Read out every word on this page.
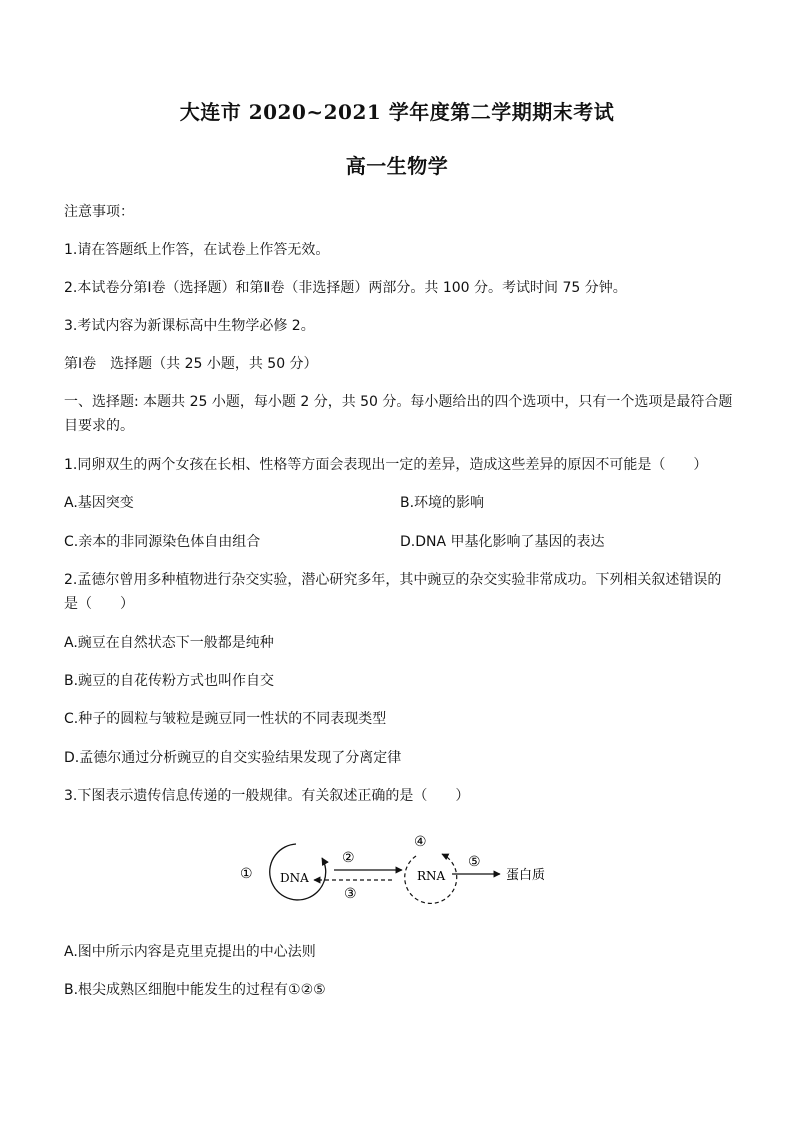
大连市 2020~2021 学年度第二学期期末考试
高一生物学
注意事项：
1.请在答题纸上作答，在试卷上作答无效。
2.本试卷分第Ⅰ卷（选择题）和第Ⅱ卷（非选择题）两部分。共 100 分。考试时间 75 分钟。
3.考试内容为新课标高中生物学必修 2。
第Ⅰ卷　选择题（共 25 小题，共 50 分）
一、选择题: 本题共 25 小题，每小题 2 分，共 50 分。每小题给出的四个选项中，只有一个选项是最符合题目要求的。
1.同卵双生的两个女孩在长相、性格等方面会表现出一定的差异，造成这些差异的原因不可能是（　　）
A.基因突变	B.环境的影响
C.亲本的非同源染色体自由组合	D.DNA 甲基化影响了基因的表达
2.孟德尔曾用多种植物进行杂交实验，潜心研究多年，其中豌豆的杂交实验非常成功。下列相关叙述错误的是（　　）
A.豌豆在自然状态下一般都是纯种
B.豌豆的自花传粉方式也叫作自交
C.种子的圆粒与皱粒是豌豆同一性状的不同表现类型
D.孟德尔通过分析豌豆的自交实验结果发现了分离定律
3.下图表示遗传信息传递的一般规律。有关叙述正确的是（　　）
① DNA
②
③
④
RNA
⑤
蛋白质
A.图中所示内容是克里克提出的中心法则
B.根尖成熟区细胞中能发生的过程有①②⑤
